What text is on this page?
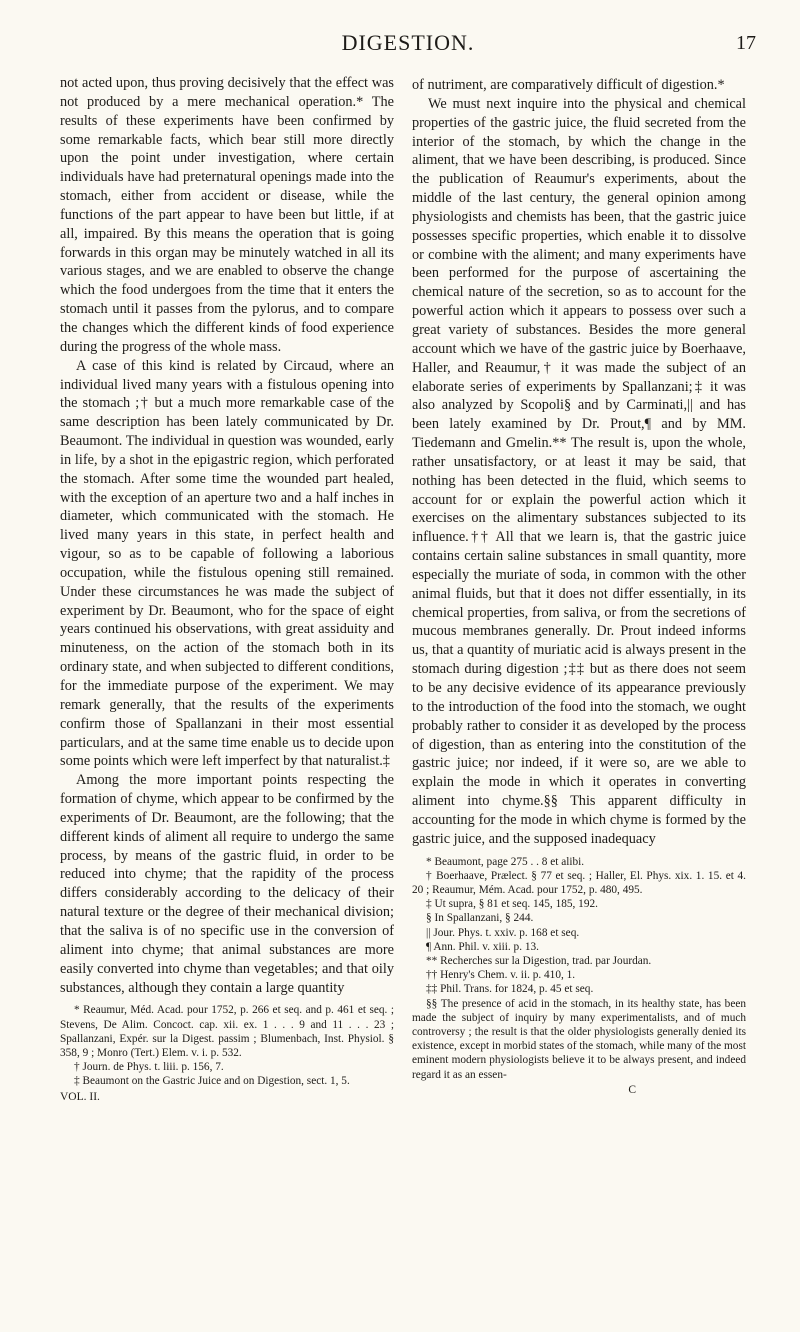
DIGESTION.	17

not acted upon, thus proving decisively that the effect was not produced by a mere mechanical operation.* The results of these experiments have been confirmed by some remarkable facts, which bear still more directly upon the point under investigation, where certain individuals have had preternatural openings made into the stomach, either from accident or disease, while the functions of the part appear to have been but little, if at all, impaired. By this means the operation that is going forwards in this organ may be minutely watched in all its various stages, and we are enabled to observe the change which the food undergoes from the time that it enters the stomach until it passes from the pylorus, and to compare the changes which the different kinds of food experience during the progress of the whole mass.

A case of this kind is related by Circaud, where an individual lived many years with a fistulous opening into the stomach ;† but a much more remarkable case of the same description has been lately communicated by Dr. Beaumont. The individual in question was wounded, early in life, by a shot in the epigastric region, which perforated the stomach. After some time the wounded part healed, with the exception of an aperture two and a half inches in diameter, which communicated with the stomach. He lived many years in this state, in perfect health and vigour, so as to be capable of following a laborious occupation, while the fistulous opening still remained. Under these circumstances he was made the subject of experiment by Dr. Beaumont, who for the space of eight years continued his observations, with great assiduity and minuteness, on the action of the stomach both in its ordinary state, and when subjected to different conditions, for the immediate purpose of the experiment. We may remark generally, that the results of the experiments confirm those of Spallanzani in their most essential particulars, and at the same time enable us to decide upon some points which were left imperfect by that naturalist.‡

Among the more important points respecting the formation of chyme, which appear to be confirmed by the experiments of Dr. Beaumont, are the following; that the different kinds of aliment all require to undergo the same process, by means of the gastric fluid, in order to be reduced into chyme; that the rapidity of the process differs considerably according to the delicacy of their natural texture or the degree of their mechanical division; that the saliva is of no specific use in the conversion of aliment into chyme; that animal substances are more easily converted into chyme than vegetables; and that oily substances, although they contain a large quantity

* Reaumur, Méd. Acad. pour 1752, p. 266 et seq. and p. 461 et seq. ; Stevens, De Alim. Concoct. cap. xii. ex. 1 . . . 9 and 11 . . . 23 ; Spallanzani, Expér. sur la Digest. passim ; Blumenbach, Inst. Physiol. § 358, 9 ; Monro (Tert.) Elem. v. i. p. 532.
† Journ. de Phys. t. liii. p. 156, 7.
‡ Beaumont on the Gastric Juice and on Digestion, sect. 1, 5.
VOL. II.

of nutriment, are comparatively difficult of digestion.*

We must next inquire into the physical and chemical properties of the gastric juice, the fluid secreted from the interior of the stomach, by which the change in the aliment, that we have been describing, is produced. Since the publication of Reaumur's experiments, about the middle of the last century, the general opinion among physiologists and chemists has been, that the gastric juice possesses specific properties, which enable it to dissolve or combine with the aliment; and many experiments have been performed for the purpose of ascertaining the chemical nature of the secretion, so as to account for the powerful action which it appears to possess over such a great variety of substances. Besides the more general account which we have of the gastric juice by Boerhaave, Haller, and Reaumur,† it was made the subject of an elaborate series of experiments by Spallanzani;‡ it was also analyzed by Scopoli§ and by Carminati,|| and has been lately examined by Dr. Prout,¶ and by MM. Tiedemann and Gmelin.** The result is, upon the whole, rather unsatisfactory, or at least it may be said, that nothing has been detected in the fluid, which seems to account for or explain the powerful action which it exercises on the alimentary substances subjected to its influence.†† All that we learn is, that the gastric juice contains certain saline substances in small quantity, more especially the muriate of soda, in common with the other animal fluids, but that it does not differ essentially, in its chemical properties, from saliva, or from the secretions of mucous membranes generally. Dr. Prout indeed informs us, that a quantity of muriatic acid is always present in the stomach during digestion ;‡‡ but as there does not seem to be any decisive evidence of its appearance previously to the introduction of the food into the stomach, we ought probably rather to consider it as developed by the process of digestion, than as entering into the constitution of the gastric juice; nor indeed, if it were so, are we able to explain the mode in which it operates in converting aliment into chyme.§§ This apparent difficulty in accounting for the mode in which chyme is formed by the gastric juice, and the supposed inadequacy

* Beaumont, page 275 . . 8 et alibi.
† Boerhaave, Prælect. § 77 et seq. ; Haller, El. Phys. xix. 1. 15. et 4. 20 ; Reaumur, Mém. Acad. pour 1752, p. 480, 495.
‡ Ut supra, § 81 et seq. 145, 185, 192.
§ In Spallanzani, § 244.
|| Jour. Phys. t. xxiv. p. 168 et seq.
¶ Ann. Phil. v. xiii. p. 13.
** Recherches sur la Digestion, trad. par Jourdan.
†† Henry's Chem. v. ii. p. 410, 1.
‡‡ Phil. Trans. for 1824, p. 45 et seq.
§§ The presence of acid in the stomach, in its healthy state, has been made the subject of inquiry by many experimentalists, and of much controversy ; the result is that the older physiologists generally denied its existence, except in morbid states of the stomach, while many of the most eminent modern physiologists believe it to be always present, and indeed regard it as an essen-
C
